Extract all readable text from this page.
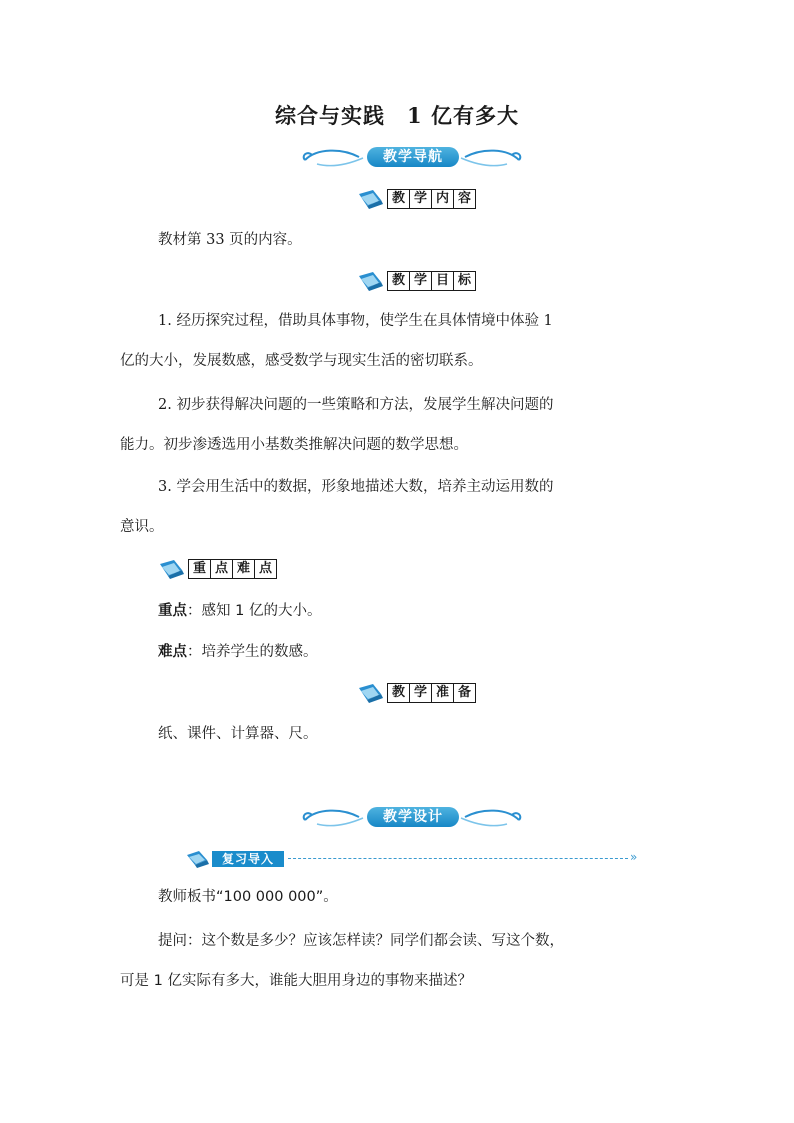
综合与实践 1 亿有多大
教学导航
教 学 内 容
教材第 33 页的内容。
教 学 目 标
1. 经历探究过程，借助具体事物，使学生在具体情境中体验 1
亿的大小，发展数感，感受数学与现实生活的密切联系。
2. 初步获得解决问题的一些策略和方法，发展学生解决问题的
能力。初步渗透选用小基数类推解决问题的数学思想。
3. 学会用生活中的数据，形象地描述大数，培养主动运用数的
意识。
重 点 难 点
重点：感知 1 亿的大小。
难点：培养学生的数感。
教 学 准 备
纸、课件、计算器、尺。
教学设计
复习导入	»
教师板书“100 000 000”。
提问：这个数是多少？应该怎样读？同学们都会读、写这个数，
可是 1 亿实际有多大，谁能大胆用身边的事物来描述？
